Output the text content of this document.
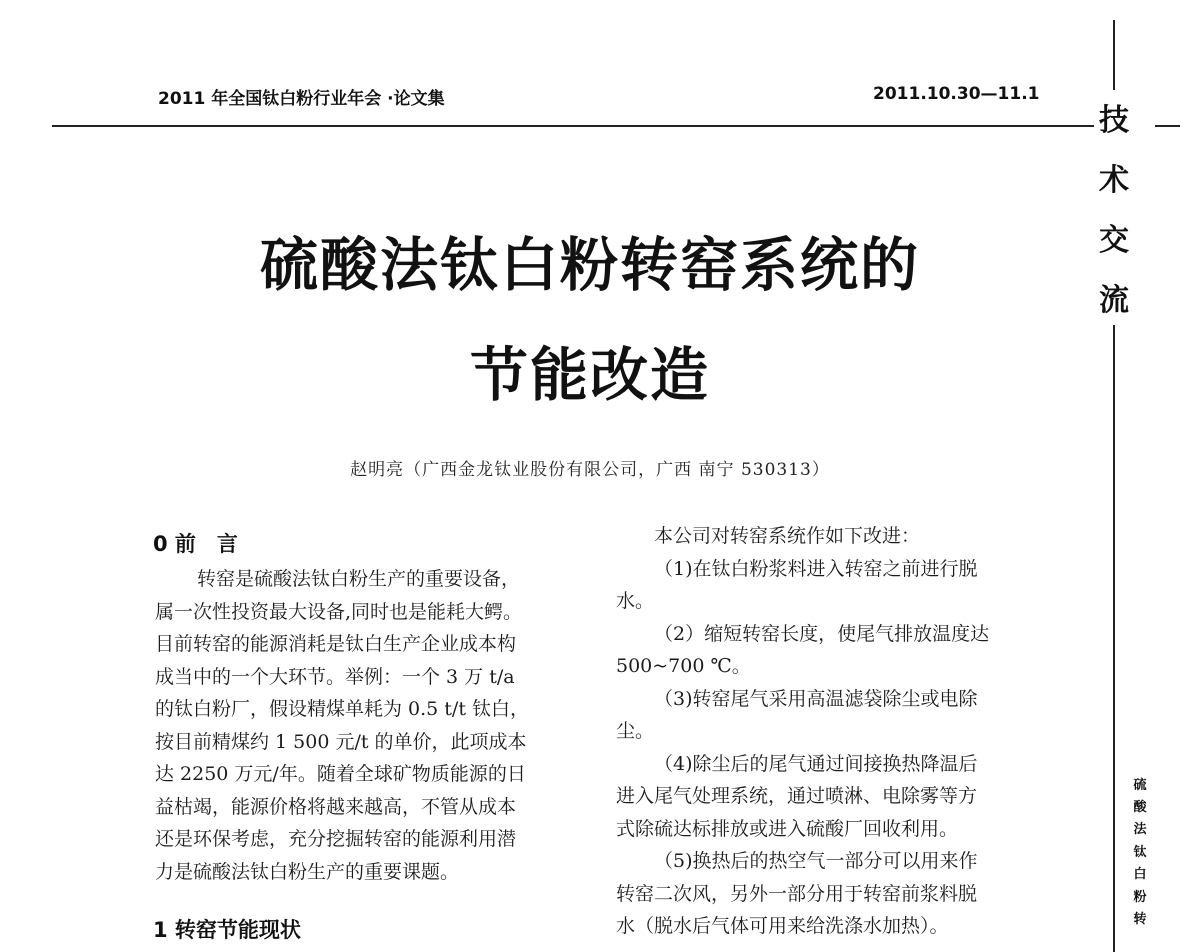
2011 年全国钛白粉行业年会 ·论文集	2011.10.30—11.1
技
术
交
流
硫
酸
法
钛
白
粉
转
硫酸法钛白粉转窑系统的
节能改造
赵明亮（广西金龙钛业股份有限公司，广西 南宁 530313）
0 前　言

转窑是硫酸法钛白粉生产的重要设备，

属一次性投资最大设备,同时也是能耗大鳄。

目前转窑的能源消耗是钛白生产企业成本构

成当中的一个大环节。举例：一个 3 万 t/a

的钛白粉厂，假设精煤单耗为 0.5 t/t 钛白，

按目前精煤约 1 500 元/t 的单价，此项成本

达 2250 万元/年。随着全球矿物质能源的日

益枯竭，能源价格将越来越高，不管从成本

还是环保考虑，充分挖掘转窑的能源利用潜

力是硫酸法钛白粉生产的重要课题。

1 转窑节能现状

本公司对转窑系统作如下改进：

（1)在钛白粉浆料进入转窑之前进行脱

水。

（2）缩短转窑长度，使尾气排放温度达

500~700 ℃。

（3)转窑尾气采用高温滤袋除尘或电除

尘。

（4)除尘后的尾气通过间接换热降温后

进入尾气处理系统，通过喷淋、电除雾等方

式除硫达标排放或进入硫酸厂回收利用。

（5)换热后的热空气一部分可以用来作

转窑二次风，另外一部分用于转窑前浆料脱

水（脱水后气体可用来给洗涤水加热）。
